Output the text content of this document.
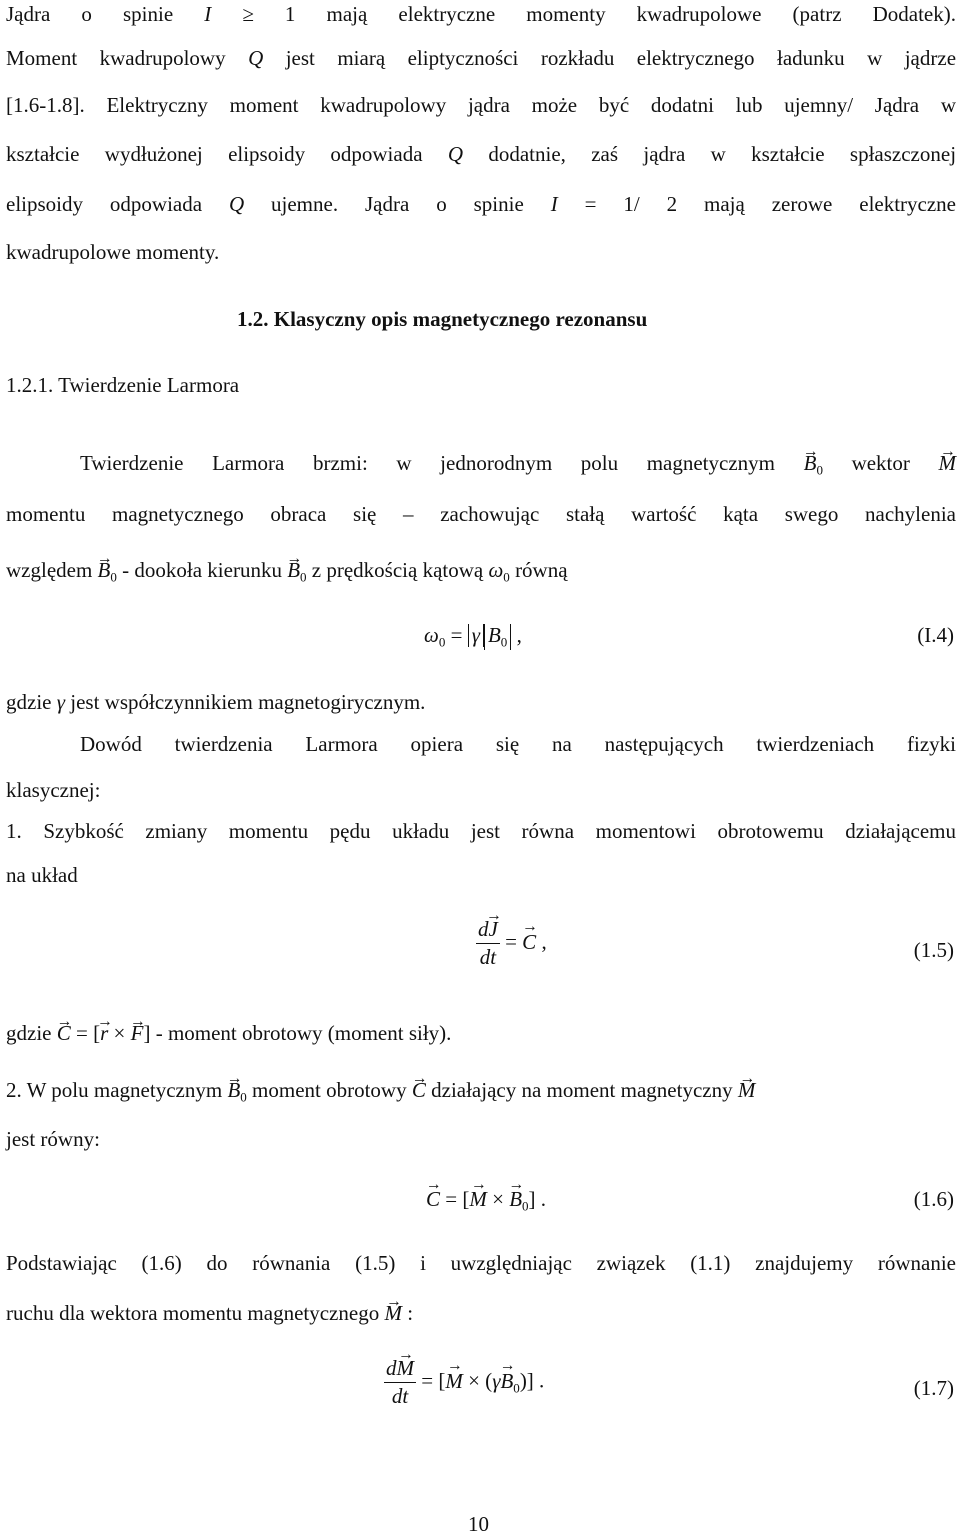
Jądra o spinie I ≥ 1 mają elektryczne momenty kwadrupolowe (patrz Dodatek).
Moment kwadrupolowy Q jest miarą eliptyczności rozkładu elektrycznego ładunku w jądrze
[1.6-1.8]. Elektryczny moment kwadrupolowy jądra może być dodatni lub ujemny/ Jądra w
kształcie wydłużonej elipsoidy odpowiada Q dodatnie, zaś jądra w kształcie spłaszczonej
elipsoidy odpowiada Q ujemne. Jądra o spinie I = 1/ 2 mają zerowe elektryczne
kwadrupolowe momenty.
1.2. Klasyczny opis magnetycznego rezonansu
1.2.1. Twierdzenie Larmora
Twierdzenie Larmora brzmi: w jednorodnym polu magnetycznym → $B_0$ wektor → M
momentu magnetycznego obraca się – zachowując stałą wartość kąta swego nachylenia
względem → $B_0$ - dookoła kierunku → $B_0$ z prędkością kątową $\omega_0$ równą
$\omega_0 = \gamma$ $B_0$ ,	(I.4)
gdzie γ jest współczynnikiem magnetogirycznym.
Dowód twierdzenia Larmora opiera się na następujących twierdzeniach fizyki
klasycznej:
1. Szybkość zmiany momentu pędu układu jest równa momentowi obrotowemu działającemu
na układ
$\frac{d\to J}{dt}$ = → C ,	(1.5)
gdzie → C = [→ r × → F] - moment obrotowy (moment siły).
2. W polu magnetycznym → $B_0$ moment obrotowy → C działający na moment magnetyczny → M
jest równy:
→ C = [→ M × → $B_0$] .	(1.6)
Podstawiając (1.6) do równania (1.5) i uwzględniając związek (1.1) znajdujemy równanie
ruchu dla wektora momentu magnetycznego → M :
$\frac{d\to M}{dt}$ = [→ $M \times (\gamma\to B_0)$] .	(1.7)
10
